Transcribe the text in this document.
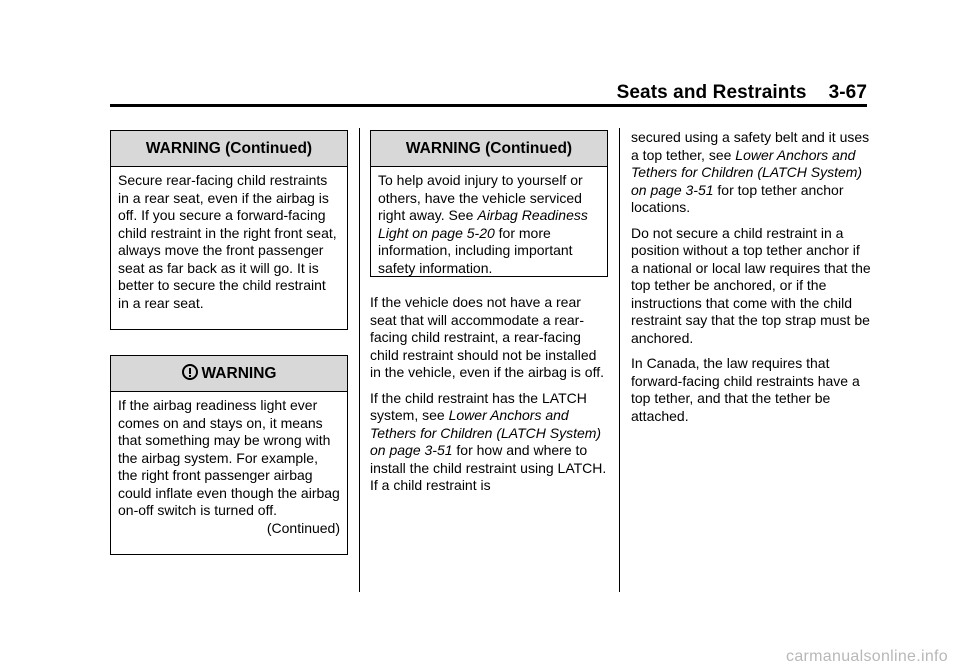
Seats and Restraints 3-67
WARNING (Continued)

Secure rear-facing child restraints in a rear seat, even if the airbag is off. If you secure a forward-facing child restraint in the right front seat, always move the front passenger seat as far back as it will go. It is better to secure the child restraint in a rear seat.

WARNING

If the airbag readiness light ever comes on and stays on, it means that something may be wrong with the airbag system. For example, the right front passenger airbag could inflate even though the airbag on-off switch is turned off.

(Continued)

WARNING (Continued)

To help avoid injury to yourself or others, have the vehicle serviced right away. See Airbag Readiness Light on page 5-20 for more information, including important safety information.

If the vehicle does not have a rear seat that will accommodate a rear-facing child restraint, a rear-facing child restraint should not be installed in the vehicle, even if the airbag is off.

If the child restraint has the LATCH system, see Lower Anchors and Tethers for Children (LATCH System) on page 3-51 for how and where to install the child restraint using LATCH. If a child restraint is

secured using a safety belt and it uses a top tether, see Lower Anchors and Tethers for Children (LATCH System) on page 3-51 for top tether anchor locations.

Do not secure a child restraint in a position without a top tether anchor if a national or local law requires that the top tether be anchored, or if the instructions that come with the child restraint say that the top strap must be anchored.

In Canada, the law requires that forward-facing child restraints have a top tether, and that the tether be attached.

carmanualsonline.info
